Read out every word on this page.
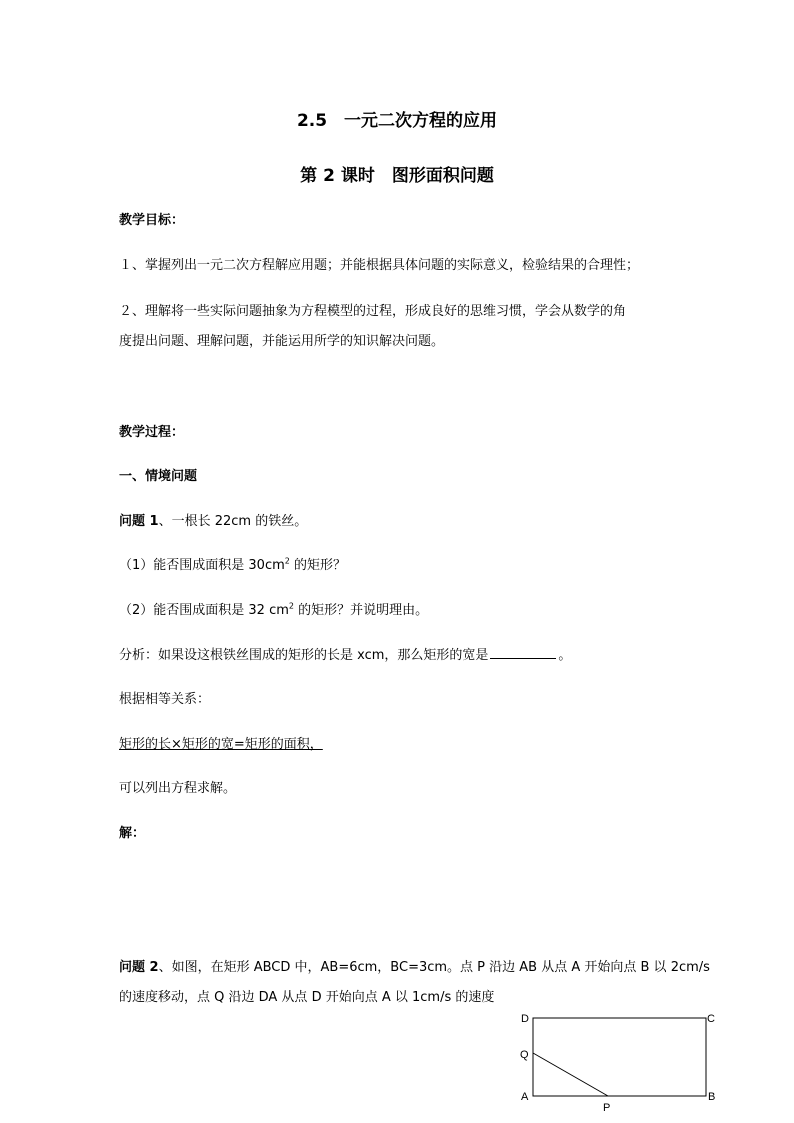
2.5　一元二次方程的应用
第 2 课时　图形面积问题
教学目标：
１、掌握列出一元二次方程解应用题；并能根据具体问题的实际意义，检验结果的合理性；
２、理解将一些实际问题抽象为方程模型的过程，形成良好的思维习惯，学会从数学的角
度提出问题、理解问题，并能运用所学的知识解决问题。
教学过程：
一、情境问题
问题 1、一根长 22cm 的铁丝。
（1）能否围成面积是 $30cm^2$ 的矩形？
（2）能否围成面积是 32 $cm^2$ 的矩形？并说明理由。
分析：如果设这根铁丝围成的矩形的长是 xcm，那么矩形的宽是	。
根据相等关系：
矩形的长×矩形的宽=矩形的面积，
可以列出方程求解。
解：
问题 2、如图，在矩形 ABCD 中，AB=6cm，BC=3cm。点 P 沿边 AB 从点 A 开始向点 B 以 2cm/s
的速度移动，点 Q 沿边 DA 从点 D 开始向点 A 以 1cm/s 的速度
D	C
Q
A	B
P
